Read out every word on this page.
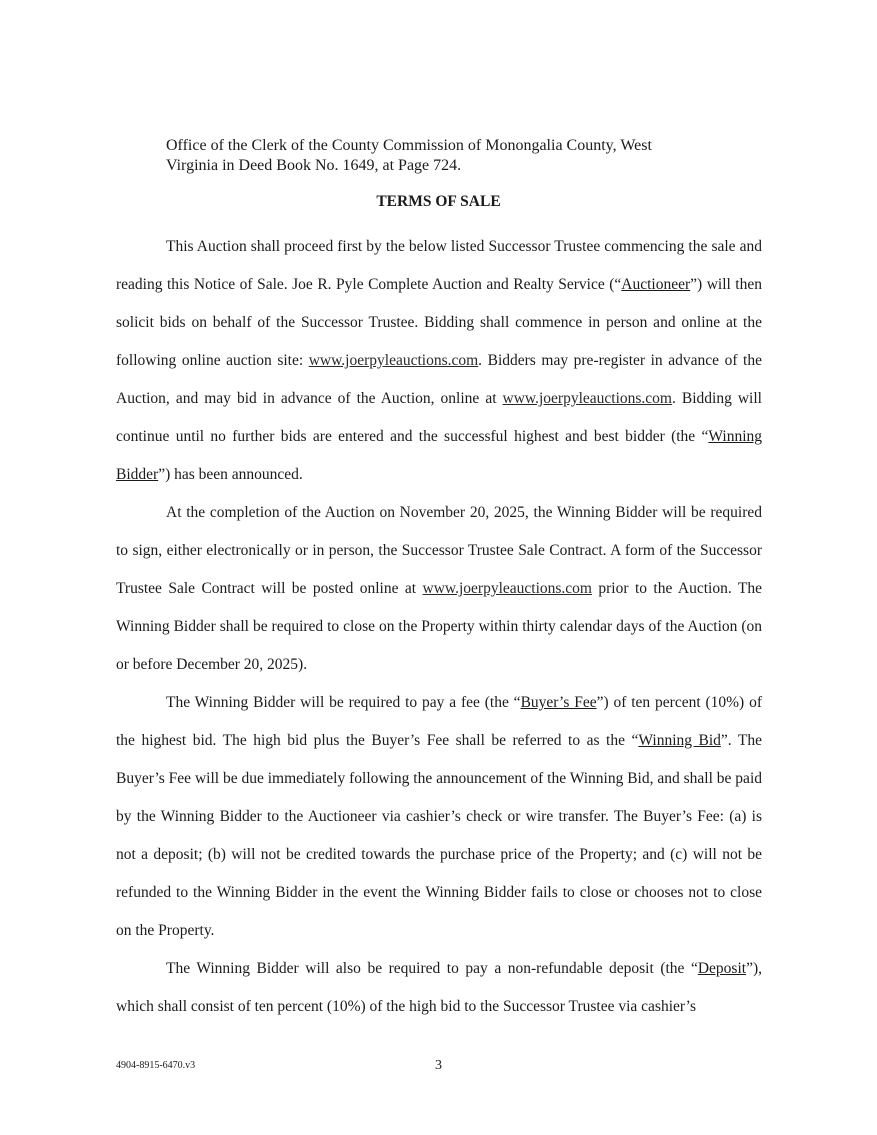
Office of the Clerk of the County Commission of Monongalia County, West
Virginia in Deed Book No. 1649, at Page 724.
TERMS OF SALE

This Auction shall proceed first by the below listed Successor Trustee commencing the sale and reading this Notice of Sale. Joe R. Pyle Complete Auction and Realty Service (“Auctioneer”) will then solicit bids on behalf of the Successor Trustee. Bidding shall commence in person and online at the following online auction site: www.joerpyleauctions.com. Bidders may pre-register in advance of the Auction, and may bid in advance of the Auction, online at www.joerpyleauctions.com. Bidding will continue until no further bids are entered and the successful highest and best bidder (the “Winning Bidder”) has been announced.

At the completion of the Auction on November 20, 2025, the Winning Bidder will be required to sign, either electronically or in person, the Successor Trustee Sale Contract. A form of the Successor Trustee Sale Contract will be posted online at www.joerpyleauctions.com prior to the Auction. The Winning Bidder shall be required to close on the Property within thirty calendar days of the Auction (on or before December 20, 2025).

The Winning Bidder will be required to pay a fee (the “Buyer’s Fee”) of ten percent (10%) of the highest bid. The high bid plus the Buyer’s Fee shall be referred to as the “Winning Bid”. The Buyer’s Fee will be due immediately following the announcement of the Winning Bid, and shall be paid by the Winning Bidder to the Auctioneer via cashier’s check or wire transfer. The Buyer’s Fee: (a) is not a deposit; (b) will not be credited towards the purchase price of the Property; and (c) will not be refunded to the Winning Bidder in the event the Winning Bidder fails to close or chooses not to close on the Property.

The Winning Bidder will also be required to pay a non-refundable deposit (the “Deposit”), which shall consist of ten percent (10%) of the high bid to the Successor Trustee via cashier’s

4904-8915-6470.v3	3
